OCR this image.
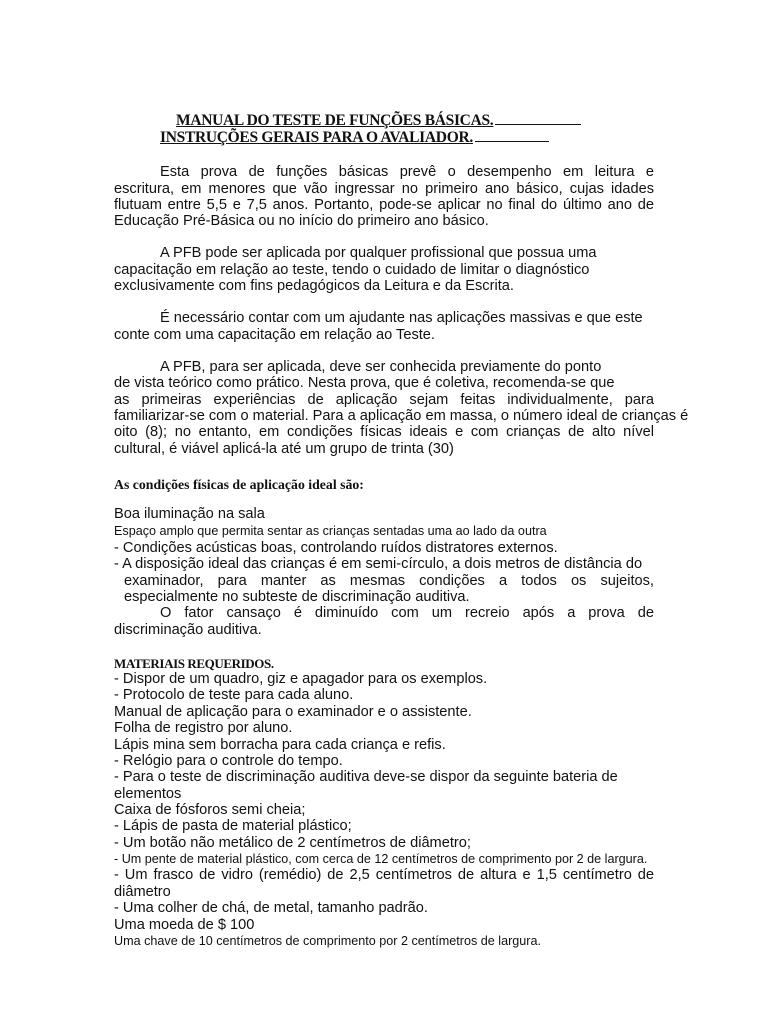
MANUAL DO TESTE DE FUNÇÕES BÁSICAS.
INSTRUÇÕES GERAIS PARA O AVALIADOR.
Esta prova de funções básicas prevê o desempenho em leitura e
escritura, em menores que vão ingressar no primeiro ano básico, cujas idades
flutuam entre 5,5 e 7,5 anos. Portanto, pode-se aplicar no final do último ano de
Educação Pré-Básica ou no início do primeiro ano básico.
A PFB pode ser aplicada por qualquer profissional que possua uma
capacitação em relação ao teste, tendo o cuidado de limitar o diagnóstico
exclusivamente com fins pedagógicos da Leitura e da Escrita.
É necessário contar com um ajudante nas aplicações massivas e que este
conte com uma capacitação em relação ao Teste.
A PFB, para ser aplicada, deve ser conhecida previamente do ponto
de vista teórico como prático. Nesta prova, que é coletiva, recomenda-se que
as primeiras experiências de aplicação sejam feitas individualmente, para
familiarizar-se com o material. Para a aplicação em massa, o número ideal de crianças é
oito (8); no entanto, em condições físicas ideais e com crianças de alto nível
cultural, é viável aplicá-la até um grupo de trinta (30)
As condições físicas de aplicação ideal são:
Boa iluminação na sala
Espaço amplo que permita sentar as crianças sentadas uma ao lado da outra
- Condições acústicas boas, controlando ruídos distratores externos.
- A disposição ideal das crianças é em semi-círculo, a dois metros de distância do
examinador, para manter as mesmas condições a todos os sujeitos,
especialmente no subteste de discriminação auditiva.
O fator cansaço é diminuído com um recreio após a prova de
discriminação auditiva.
MATERIAIS REQUERIDOS.
- Dispor de um quadro, giz e apagador para os exemplos.
- Protocolo de teste para cada aluno.
Manual de aplicação para o examinador e o assistente.
Folha de registro por aluno.
Lápis mina sem borracha para cada criança e refis.
- Relógio para o controle do tempo.
- Para o teste de discriminação auditiva deve-se dispor da seguinte bateria de
elementos
Caixa de fósforos semi cheia;
- Lápis de pasta de material plástico;
- Um botão não metálico de 2 centímetros de diâmetro;
- Um pente de material plástico, com cerca de 12 centímetros de comprimento por 2 de largura.
- Um frasco de vidro (remédio) de 2,5 centímetros de altura e 1,5 centímetro de
diâmetro
- Uma colher de chá, de metal, tamanho padrão.
Uma moeda de $ 100
Uma chave de 10 centímetros de comprimento por 2 centímetros de largura.
